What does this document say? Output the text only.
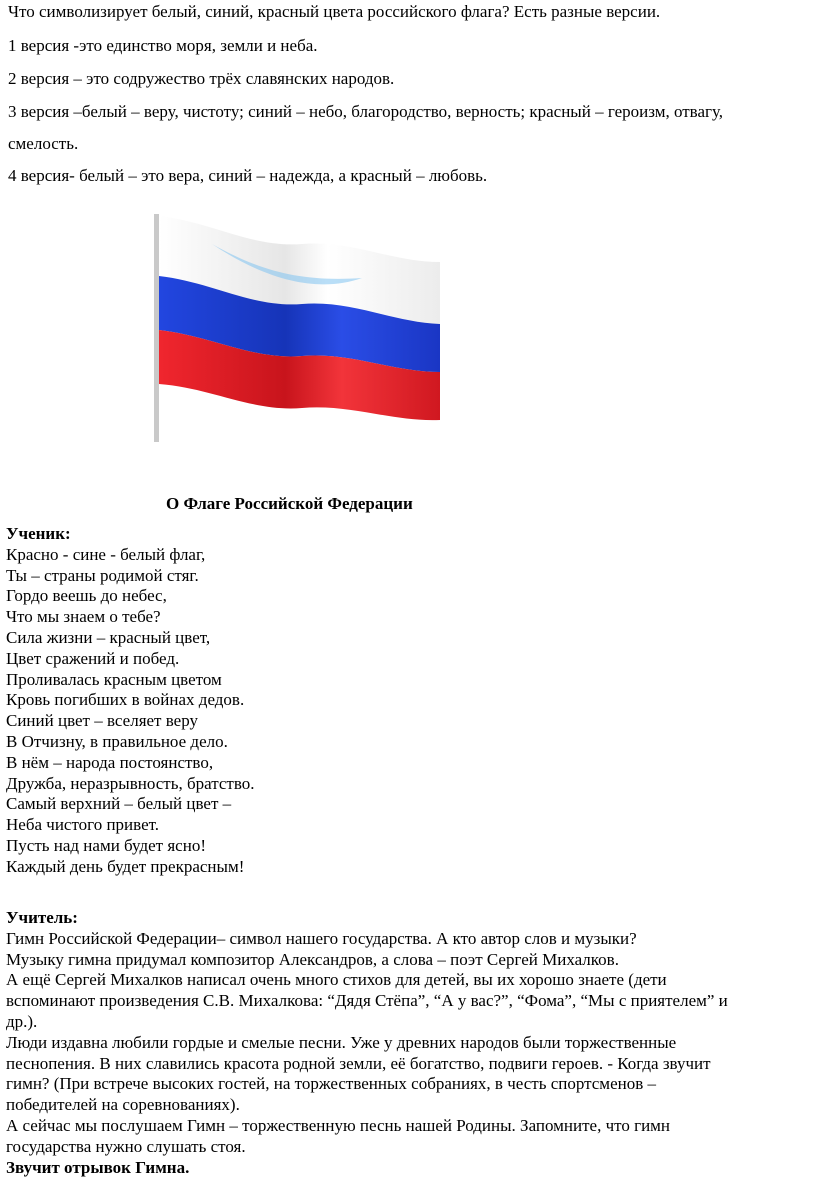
Что символизирует белый, синий, красный цвета российского флага? Есть разные версии.

1 версия -это единство моря, земли и неба.

2 версия – это содружество трёх славянских народов.

3 версия –белый – веру, чистоту; синий – небо, благородство, верность; красный – героизм, отвагу,

смелость.

4 версия- белый – это вера, синий – надежда, а красный – любовь.

О Флаге Российской Федерации
Ученик:
Красно - сине - белый флаг,
Ты – страны родимой стяг.
Гордо веешь до небес,
Что мы знаем о тебе?
Сила жизни – красный цвет,
Цвет сражений и побед.
Проливалась красным цветом
Кровь погибших в войнах дедов.
Синий цвет – вселяет веру
В Отчизну, в правильное дело.
В нём – народа постоянство,
Дружба, неразрывность, братство.
Самый верхний – белый цвет –
Неба чистого привет.
Пусть над нами будет ясно!
Каждый день будет прекрасным!
Учитель:
Гимн Российской Федерации– символ нашего государства. А кто автор слов и музыки?
Музыку гимна придумал композитор Александров, а слова – поэт Сергей Михалков.
А ещё Сергей Михалков написал очень много стихов для детей, вы их хорошо знаете (дети
вспоминают произведения С.В. Михалкова: “Дядя Стёпа”, “А у вас?”, “Фома”, “Мы с приятелем” и
др.).
Люди издавна любили гордые и смелые песни. Уже у древних народов были торжественные
песнопения. В них славились красота родной земли, её богатство, подвиги героев. - Когда звучит
гимн? (При встрече высоких гостей, на торжественных собраниях, в честь спортсменов –
победителей на соревнованиях).
А сейчас мы послушаем Гимн – торжественную песнь нашей Родины. Запомните, что гимн
государства нужно слушать стоя.
Звучит отрывок Гимна.
